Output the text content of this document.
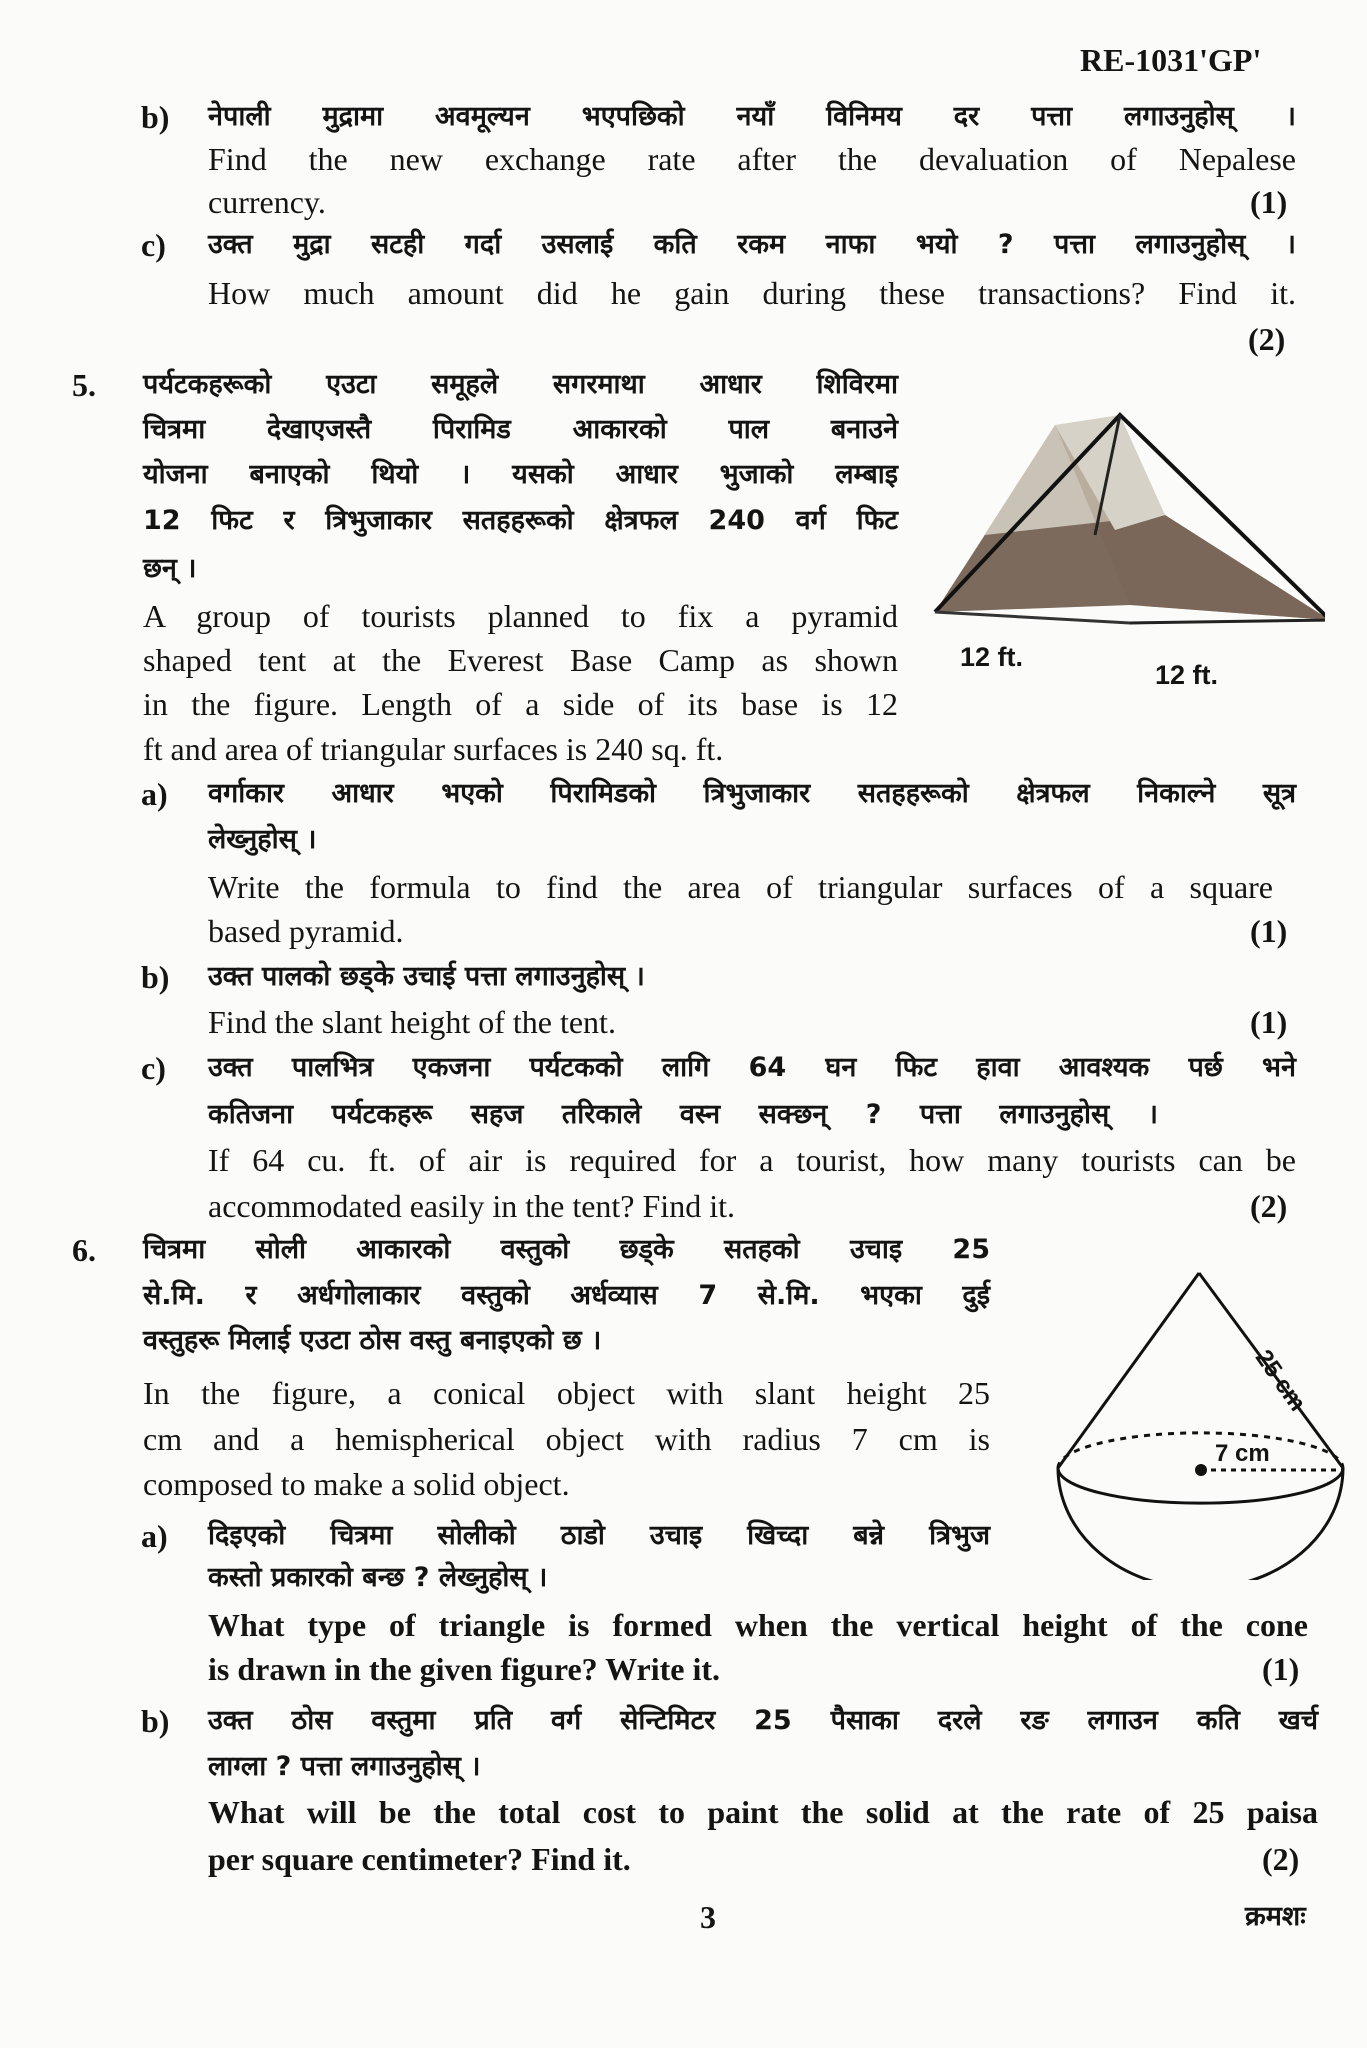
12 ft.
12 ft.
25 cm
7 cm
RE-1031'GP'
b)	नेपाली मुद्रामा अवमूल्यन भएपछिको नयाँ विनिमय दर पत्ता लगाउनुहोस् ।
Find the new exchange rate after the devaluation of Nepalese
currency.
c)	उक्त मुद्रा सटही गर्दा उसलाई कति रकम नाफा भयो ? पत्ता लगाउनुहोस् ।
How much amount did he gain during these transactions? Find it.
5.	पर्यटकहरूको एउटा समूहले सगरमाथा आधार शिविरमा
चित्रमा देखाएजस्तै पिरामिड आकारको पाल बनाउने
योजना बनाएको थियो । यसको आधार भुजाको लम्बाइ
12 फिट र त्रिभुजाकार सतहहरूको क्षेत्रफल 240 वर्ग फिट
छन् ।
A group of tourists planned to fix a pyramid
shaped tent at the Everest Base Camp as shown
in the figure. Length of a side of its base is 12
ft and area of triangular surfaces is 240 sq. ft.
a)	वर्गाकार आधार भएको पिरामिडको त्रिभुजाकार सतहहरूको क्षेत्रफल निकाल्ने सूत्र
लेख्नुहोस् ।
Write the formula to find the area of triangular surfaces of a square
based pyramid.
b)	उक्त पालको छड्के उचाई पत्ता लगाउनुहोस् ।
Find the slant height of the tent.
c)	उक्त पालभित्र एकजना पर्यटकको लागि 64 घन फिट हावा आवश्यक पर्छ भने
कतिजना पर्यटकहरू सहज तरिकाले वस्न सक्छन् ? पत्ता लगाउनुहोस् ।
If 64 cu. ft. of air is required for a tourist, how many tourists can be
accommodated easily in the tent? Find it.
6.	चित्रमा सोली आकारको वस्तुको छड्के सतहको उचाइ 25
से.मि. र अर्धगोलाकार वस्तुको अर्धव्यास 7 से.मि. भएका दुई
वस्तुहरू मिलाई एउटा ठोस वस्तु बनाइएको छ ।
In the figure, a conical object with slant height 25
cm and a hemispherical object with radius 7 cm is
composed to make a solid object.
a)	दिइएको चित्रमा सोलीको ठाडो उचाइ खिच्दा बन्ने त्रिभुज
कस्तो प्रकारको बन्छ ? लेख्नुहोस् ।
What type of triangle is formed when the vertical height of the cone
is drawn in the given figure? Write it.
b)	उक्त ठोस वस्तुमा प्रति वर्ग सेन्टिमिटर 25 पैसाका दरले रङ लगाउन कति खर्च
लाग्ला ? पत्ता लगाउनुहोस् ।
What will be the total cost to paint the solid at the rate of 25 paisa
per square centimeter? Find it.
3	क्रमशः
(1)
(2)
(1)
(1)
(2)
(1)
(2)
